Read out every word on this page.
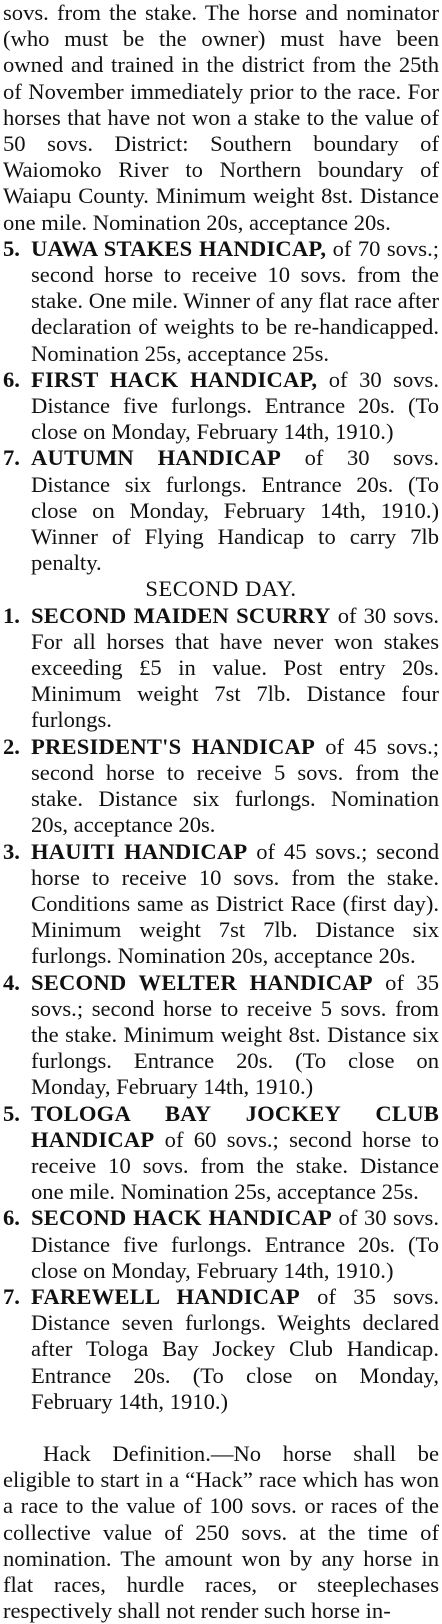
sovs. from the stake. The horse and nominator (who must be the owner) must have been owned and trained in the district from the 25th of November immediately prior to the race. For horses that have not won a stake to the value of 50 sovs. District: Southern boundary of Waiomoko River to Northern boundary of Waiapu County. Minimum weight 8st. Distance one mile. Nomination 20s, acceptance 20s.

5. UAWA STAKES HANDICAP, of 70 sovs.; second horse to receive 10 sovs. from the stake. One mile. Winner of any flat race after declaration of weights to be re-handicapped. Nomination 25s, acceptance 25s.

6. FIRST HACK HANDICAP, of 30 sovs. Distance five furlongs. Entrance 20s. (To close on Monday, February 14th, 1910.)

7. AUTUMN HANDICAP of 30 sovs. Distance six furlongs. Entrance 20s. (To close on Monday, February 14th, 1910.) Winner of Flying Handicap to carry 7lb penalty.

SECOND DAY.

1. SECOND MAIDEN SCURRY of 30 sovs. For all horses that have never won stakes exceeding £5 in value. Post entry 20s. Minimum weight 7st 7lb. Distance four furlongs.

2. PRESIDENT'S HANDICAP of 45 sovs.; second horse to receive 5 sovs. from the stake. Distance six furlongs. Nomination 20s, acceptance 20s.

3. HAUITI HANDICAP of 45 sovs.; second horse to receive 10 sovs. from the stake. Conditions same as District Race (first day). Minimum weight 7st 7lb. Distance six furlongs. Nomination 20s, acceptance 20s.

4. SECOND WELTER HANDICAP of 35 sovs.; second horse to receive 5 sovs. from the stake. Minimum weight 8st. Distance six furlongs. Entrance 20s. (To close on Monday, February 14th, 1910.)

5. TOLOGA BAY JOCKEY CLUB HANDICAP of 60 sovs.; second horse to receive 10 sovs. from the stake. Distance one mile. Nomination 25s, acceptance 25s.

6. SECOND HACK HANDICAP of 30 sovs. Distance five furlongs. Entrance 20s. (To close on Monday, February 14th, 1910.)

7. FAREWELL HANDICAP of 35 sovs. Distance seven furlongs. Weights declared after Tologa Bay Jockey Club Handicap. Entrance 20s. (To close on Monday, February 14th, 1910.)

Hack Definition.—No horse shall be eligible to start in a “Hack” race which has won a race to the value of 100 sovs. or races of the collective value of 250 sovs. at the time of nomination. The amount won by any horse in flat races, hurdle races, or steeplechases respectively shall not render such horse in-
